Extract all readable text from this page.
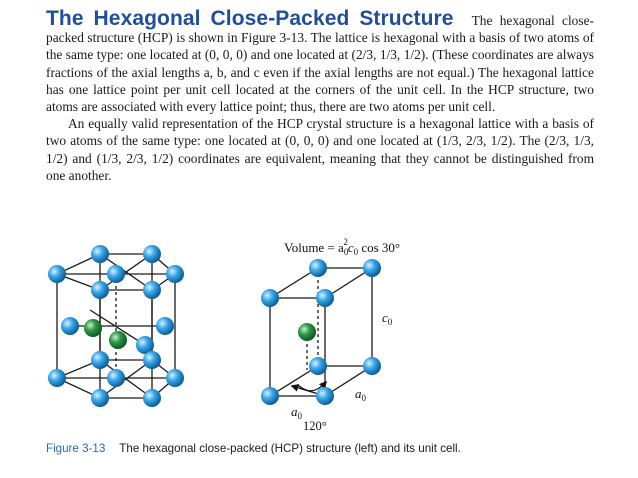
The Hexagonal Close-Packed Structure The hexagonal close-packed structure (HCP) is shown in Figure 3-13. The lattice is hexagonal with a basis of two atoms of the same type: one located at (0, 0, 0) and one located at (2/3, 1/3, 1/2). (These coordinates are always fractions of the axial lengths a, b, and c even if the axial lengths are not equal.) The hexagonal lattice has one lattice point per unit cell located at the corners of the unit cell. In the HCP structure, two atoms are associated with every lattice point; thus, there are two atoms per unit cell.

An equally valid representation of the HCP crystal structure is a hexagonal lattice with a basis of two atoms of the same type: one located at (0, 0, 0) and one located at (1/3, 2/3, 1/2). The (2/3, 1/3, 1/2) and (1/3, 2/3, 1/2) coordinates are equivalent, meaning that they cannot be distinguished from one another.

Volume = $a_02c_0$ cos 30°
$c_0$
$a_0$
$a_0$
120°
Figure 3-13 The hexagonal close-packed (HCP) structure (left) and its unit cell.
